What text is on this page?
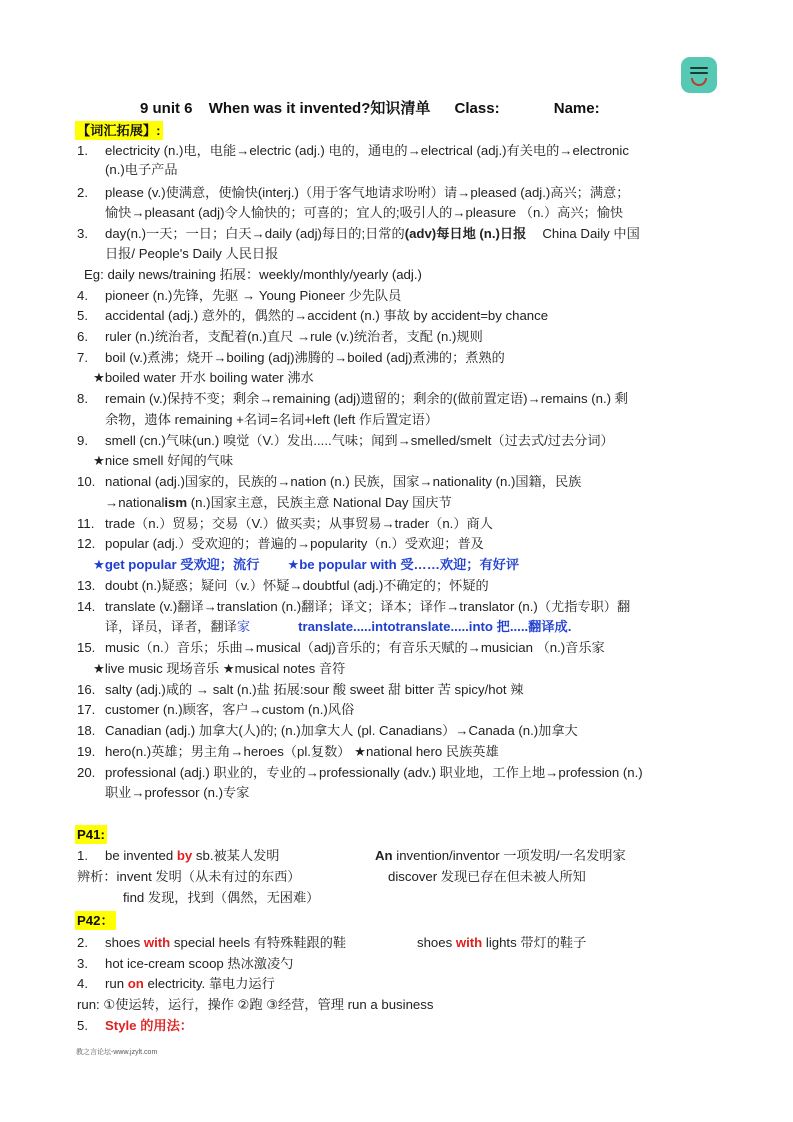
9 unit 6 When was it invented?知识清单 Class:	Name:
【词汇拓展】:
1. electricity (n.)电，电能→electric (adj.) 电的，通电的→electrical (adj.)有关电的→electronic
(n.)电子产品
2. please (v.)使满意，使愉快(interj.)（用于客气地请求吩咐）请→pleased (adj.)高兴；满意；
愉快→pleasant (adj)令人愉快的；可喜的；宜人的;吸引人的→pleasure （n.）高兴；愉快
3. day(n.)一天；一日；白天→daily (adj)每日的;日常的(adv)每日地 (n.)日报 China Daily 中国
日报/ People's Daily 人民日报
Eg: daily news/training 拓展：weekly/monthly/yearly (adj.)
4. pioneer (n.)先锋，先驱 → Young Pioneer 少先队员
5. accidental (adj.) 意外的，偶然的→accident (n.) 事故 by accident=by chance
6. ruler (n.)统治者，支配着(n.)直尺 →rule (v.)统治者，支配 (n.)规则
7. boil (v.)煮沸；烧开→boiling (adj)沸腾的→boiled (adj)煮沸的；煮熟的
★boiled water 开水 boiling water 沸水
8. remain (v.)保持不变；剩余→remaining (adj)遗留的；剩余的(做前置定语)→remains (n.) 剩
余物，遗体 remaining +名词=名词+left (left 作后置定语）
9. smell (cn.)气味(un.) 嗅觉（V.）发出.....气味；闻到→smelled/smelt（过去式/过去分词）
★nice smell 好闻的气味
10. national (adj.)国家的，民族的→nation (n.) 民族，国家→nationality (n.)国籍，民族
→nationalism (n.)国家主意，民族主意 National Day 国庆节
11. trade（n.）贸易；交易（V.）做买卖；从事贸易→trader（n.）商人
12. popular (adj.）受欢迎的；普遍的→popularity（n.）受欢迎；普及
★get popular 受欢迎；流行 ★be popular with 受……欢迎；有好评
13. doubt (n.)疑惑；疑问（v.）怀疑→doubtful (adj.)不确定的；怀疑的
14. translate (v.)翻译→translation (n.)翻译；译文；译本；译作→translator (n.)（尤指专职）翻
译，译员，译者，翻译家	translate.....intotranslate.....into 把.....翻译成.
15. music（n.）音乐；乐曲→musical（adj)音乐的；有音乐天赋的→musician （n.)音乐家
★live music 现场音乐 ★musical notes 音符
16. salty (adj.)咸的 → salt (n.)盐 拓展:sour 酸 sweet 甜 bitter 苦 spicy/hot 辣
17. customer (n.)顾客，客户→custom (n.)风俗
18. Canadian (adj.) 加拿大(人)的; (n.)加拿大人 (pl. Canadians）→Canada (n.)加拿大
19. hero(n.)英雄；男主角→heroes（pl.复数） ★national hero 民族英雄
20. professional (adj.) 职业的，专业的→professionally (adv.) 职业地，工作上地→profession (n.)
职业→professor (n.)专家
P41:
1. be invented by sb.被某人发明	An invention/inventor 一项发明/一名发明家
辨析：invent 发明（从未有过的东西）	discover 发现已存在但未被人所知
find 发现，找到（偶然，无困难）
P42：
2. shoes with special heels 有特殊鞋跟的鞋	shoes with lights 带灯的鞋子
3. hot ice-cream scoop 热冰激凌勺
4. run on electricity. 靠电力运行
run: ①使运转，运行，操作 ②跑 ③经营，管理 run a business
5. Style 的用法：
教之言论坛-www.jzylt.com
